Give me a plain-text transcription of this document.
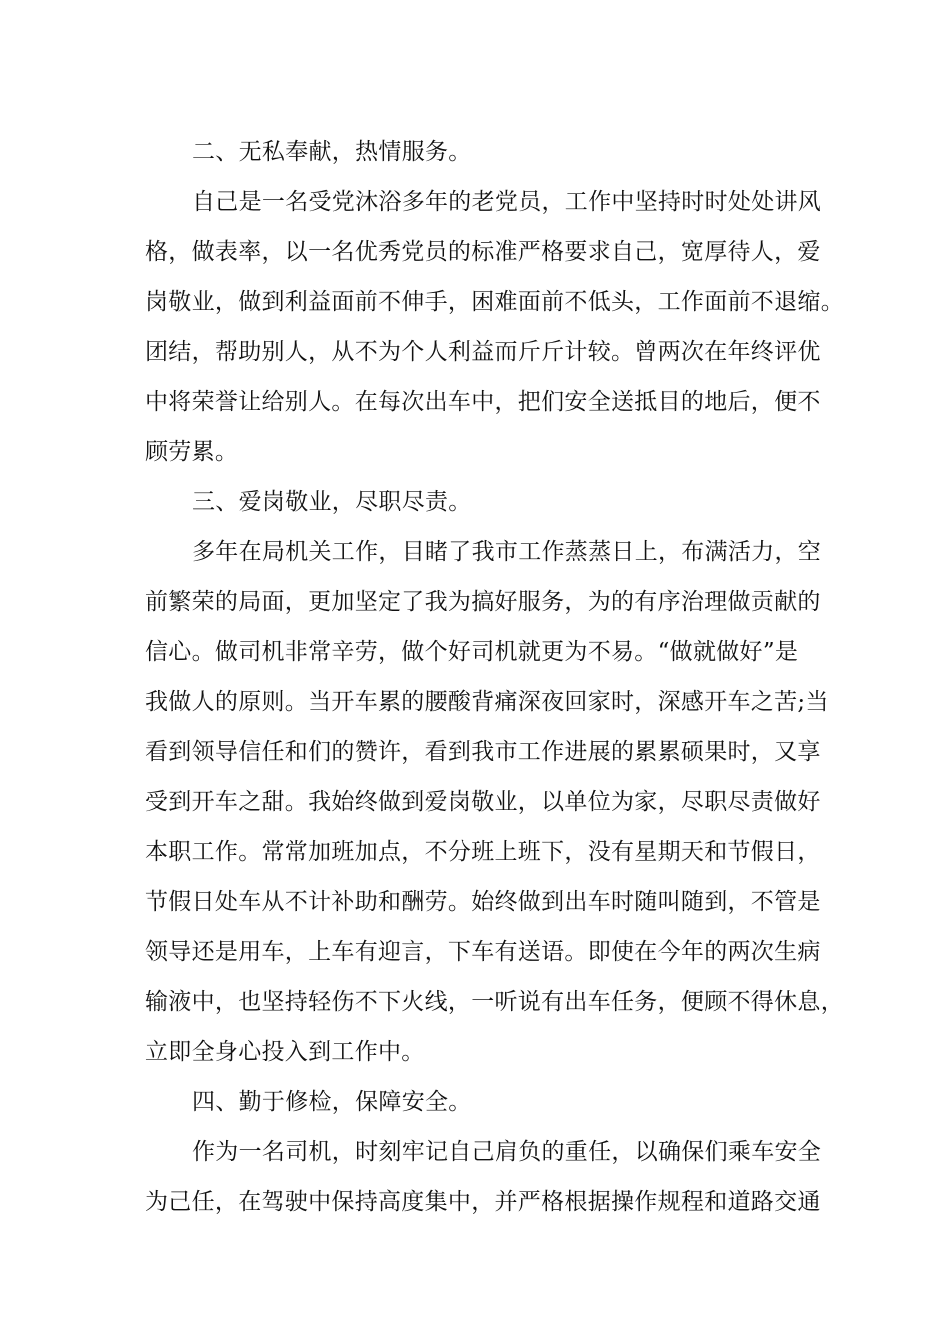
二、无私奉献，热情服务。
自己是一名受党沐浴多年的老党员，工作中坚持时时处处讲风
格，做表率，以一名优秀党员的标准严格要求自己，宽厚待人，爱
岗敬业，做到利益面前不伸手，困难面前不低头，工作面前不退缩。
团结，帮助别人，从不为个人利益而斤斤计较。曾两次在年终评优
中将荣誉让给别人。在每次出车中，把们安全送抵目的地后，便不
顾劳累。
三、爱岗敬业，尽职尽责。
多年在局机关工作，目睹了我市工作蒸蒸日上，布满活力，空
前繁荣的局面，更加坚定了我为搞好服务，为的有序治理做贡献的
信心。做司机非常辛劳，做个好司机就更为不易。“做就做好”是
我做人的原则。当开车累的腰酸背痛深夜回家时，深感开车之苦;当
看到领导信任和们的赞许，看到我市工作进展的累累硕果时，又享
受到开车之甜。我始终做到爱岗敬业，以单位为家，尽职尽责做好
本职工作。常常加班加点，不分班上班下，没有星期天和节假日，
节假日处车从不计补助和酬劳。始终做到出车时随叫随到，不管是
领导还是用车，上车有迎言，下车有送语。即使在今年的两次生病
输液中，也坚持轻伤不下火线，一听说有出车任务，便顾不得休息，
立即全身心投入到工作中。
四、勤于修检，保障安全。
作为一名司机，时刻牢记自己肩负的重任，以确保们乘车安全
为己任，在驾驶中保持高度集中，并严格根据操作规程和道路交通
